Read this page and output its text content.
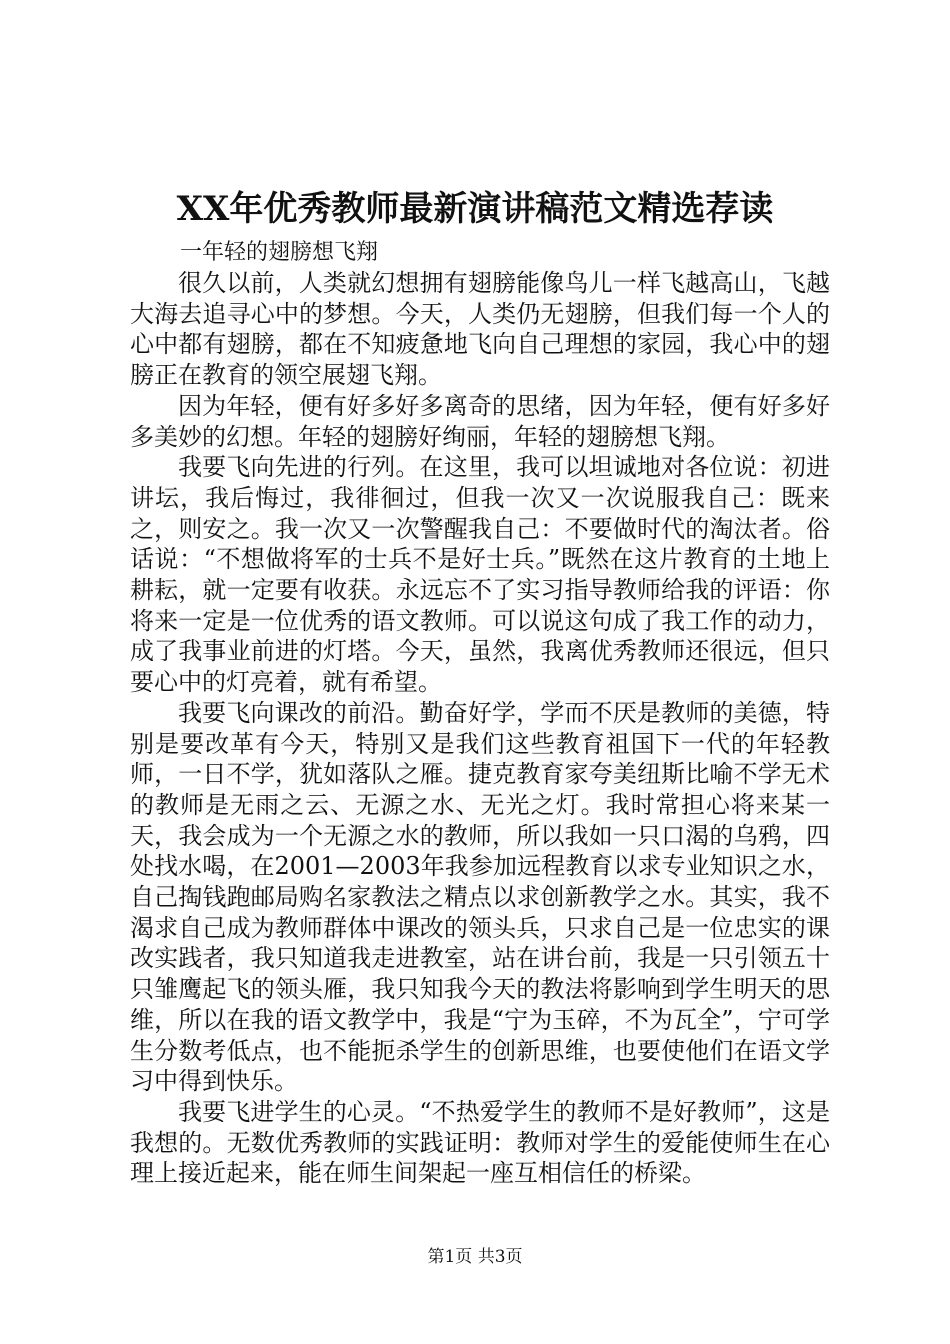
XX年优秀教师最新演讲稿范文精选荐读
一年轻的翅膀想飞翔

很久以前，人类就幻想拥有翅膀能像鸟儿一样飞越高山，飞越大海去追寻心中的梦想。今天，人类仍无翅膀，但我们每一个人的心中都有翅膀，都在不知疲惫地飞向自己理想的家园，我心中的翅膀正在教育的领空展翅飞翔。

因为年轻，便有好多好多离奇的思绪，因为年轻，便有好多好多美妙的幻想。年轻的翅膀好绚丽，年轻的翅膀想飞翔。

我要飞向先进的行列。在这里，我可以坦诚地对各位说：初进讲坛，我后悔过，我徘徊过，但我一次又一次说服我自己：既来之，则安之。我一次又一次警醒我自己：不要做时代的淘汰者。俗话说：“不想做将军的士兵不是好士兵。”既然在这片教育的土地上耕耘，就一定要有收获。永远忘不了实习指导教师给我的评语：你将来一定是一位优秀的语文教师。可以说这句成了我工作的动力，成了我事业前进的灯塔。今天，虽然，我离优秀教师还很远，但只要心中的灯亮着，就有希望。

我要飞向课改的前沿。勤奋好学，学而不厌是教师的美德，特别是要改革有今天，特别又是我们这些教育祖国下一代的年轻教师，一日不学，犹如落队之雁。捷克教育家夸美纽斯比喻不学无术的教师是无雨之云、无源之水、无光之灯。我时常担心将来某一天，我会成为一个无源之水的教师，所以我如一只口渴的乌鸦，四处找水喝，在2001—2003年我参加远程教育以求专业知识之水，自己掏钱跑邮局购名家教法之精点以求创新教学之水。其实，我不渴求自己成为教师群体中课改的领头兵，只求自己是一位忠实的课改实践者，我只知道我走进教室，站在讲台前，我是一只引领五十只雏鹰起飞的领头雁，我只知我今天的教法将影响到学生明天的思维，所以在我的语文教学中，我是“宁为玉碎，不为瓦全”，宁可学生分数考低点，也不能扼杀学生的创新思维，也要使他们在语文学习中得到快乐。

我要飞进学生的心灵。“不热爱学生的教师不是好教师”，这是我想的。无数优秀教师的实践证明：教师对学生的爱能使师生在心理上接近起来，能在师生间架起一座互相信任的桥梁。

第1页 共3页
